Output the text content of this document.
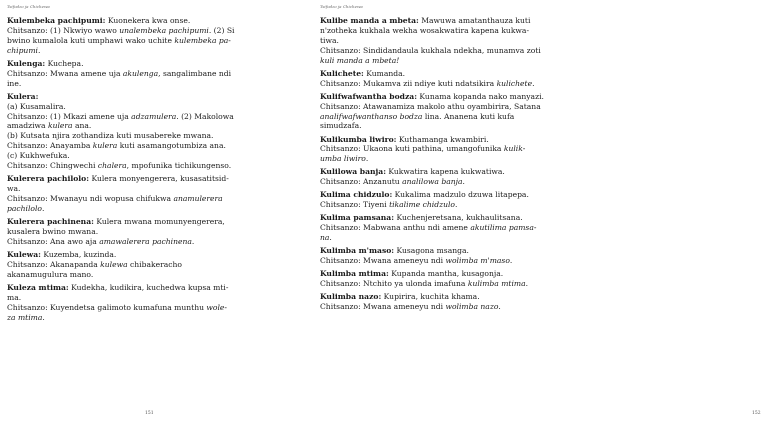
Tsifodzo ja Chichewa
Kulembeka pachipumi: Kuonekera kwa onse.
Chitsanzo: (1) Nkwiyo wawo unalembeka pachipumi. (2) Si
bwino kumalola kuti umphawi wako uchite kulembeka pa-
chipumi.
Kulenga: Kuchepa.
Chitsanzo: Mwana amene uja akulenga, sangalimbane ndi
ine.
Kulera:
(a) Kusamalira.
Chitsanzo: (1) Mkazi amene uja adzamulera. (2) Makolowa
amadziwa kulera ana.
(b) Kutsata njira zothandiza kuti musabereke mwana.
Chitsanzo: Anayamba kulera kuti asamangotumbiza ana.
(c) Kukhwefuka.
Chitsanzo: Chingwechi chalera, mpofunika tichikungenso.
Kulerera pachilolo: Kulera monyengerera, kusasatitsid-
wa.
Chitsanzo: Mwanayu ndi wopusa chifukwa anamulerera
pachilolo.
Kulerera pachinena: Kulera mwana momunyengerera,
kusalera bwino mwana.
Chitsanzo: Ana awo aja amawalerera pachinena.
Kulewa: Kuzemba, kuzinda.
Chitsanzo: Akanapanda kulewa chibakeracho
akanamugulura mano.
Kuleza mtima: Kudekha, kudikira, kuchedwa kupsa mti-
ma.
Chitsanzo: Kuyendetsa galimoto kumafuna munthu wole-
za mtima.
151
Tsifodzo ja Chichewa
Kulibe manda a mbeta: Mawuwa amatanthauza kuti
n'zotheka kukhala wekha wosakwatira kapena kukwa-
tiwa.
Chitsanzo: Sindidandaula kukhala ndekha, munamva zoti
kuli manda a mbeta!
Kulichete: Kumanda.
Chitsanzo: Mukamva zii ndiye kuti ndatsikira kulichete.
Kulifwafwantha bodza: Kunama kopanda nako manyazi.
Chitsanzo: Atawanamiza makolo athu oyambirira, Satana
analifwafwanthanso bodza lina. Ananena kuti kufa
simudzafa.
Kulikumba liwiro: Kuthamanga kwambiri.
Chitsanzo: Ukaona kuti pathina, umangofunika kulik-
umba liwiro.
Kulilowa banja: Kukwatira kapena kukwatiwa.
Chitsanzo: Anzanutu analilowa banja.
Kulima chidzulo: Kukalima madzulo dzuwa litapepa.
Chitsanzo: Tiyeni tikalime chidzulo.
Kulima pamsana: Kuchenjeretsana, kukhaulitsana.
Chitsanzo: Mabwana anthu ndi amene akutilima pamsa-
na.
Kulimba m'maso: Kusagona msanga.
Chitsanzo: Mwana ameneyu ndi wolimba m'maso.
Kulimba mtima: Kupanda mantha, kusagonja.
Chitsanzo: Ntchito ya ulonda imafuna kulimba mtima.
Kulimba nazo: Kupirira, kuchita khama.
Chitsanzo: Mwana ameneyu ndi wolimba nazo.
152
